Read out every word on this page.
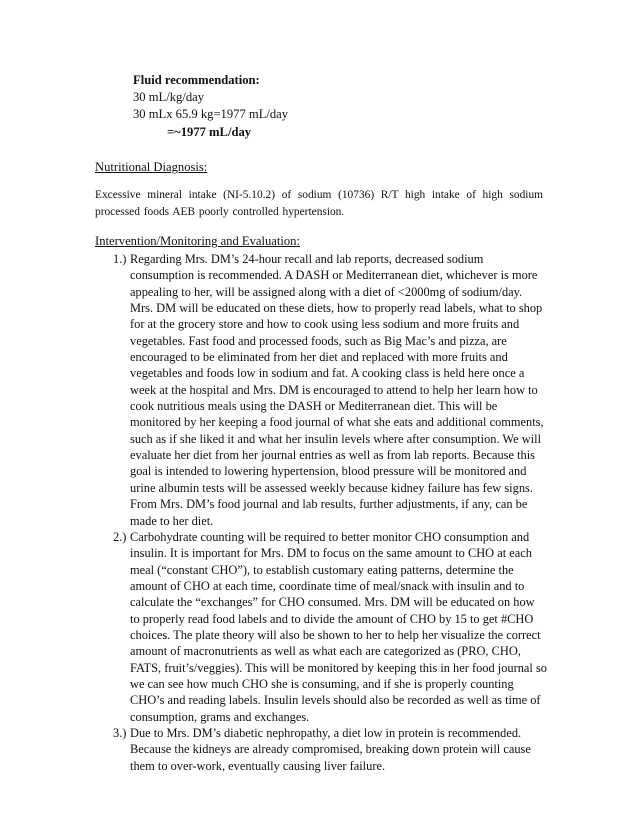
Fluid recommendation:
30 mL/kg/day
30 mLx 65.9 kg=1977 mL/day
=~1977 mL/day
Nutritional Diagnosis:
Excessive mineral intake (NI-5.10.2) of sodium (10736) R/T high intake of high sodium processed foods AEB poorly controlled hypertension.
Intervention/Monitoring and Evaluation:
1.) Regarding Mrs. DM’s 24-hour recall and lab reports, decreased sodium consumption is recommended. A DASH or Mediterranean diet, whichever is more appealing to her, will be assigned along with a diet of <2000mg of sodium/day. Mrs. DM will be educated on these diets, how to properly read labels, what to shop for at the grocery store and how to cook using less sodium and more fruits and vegetables. Fast food and processed foods, such as Big Mac’s and pizza, are encouraged to be eliminated from her diet and replaced with more fruits and vegetables and foods low in sodium and fat. A cooking class is held here once a week at the hospital and Mrs. DM is encouraged to attend to help her learn how to cook nutritious meals using the DASH or Mediterranean diet. This will be monitored by her keeping a food journal of what she eats and additional comments, such as if she liked it and what her insulin levels where after consumption. We will evaluate her diet from her journal entries as well as from lab reports. Because this goal is intended to lowering hypertension, blood pressure will be monitored and urine albumin tests will be assessed weekly because kidney failure has few signs. From Mrs. DM’s food journal and lab results, further adjustments, if any, can be made to her diet.
2.) Carbohydrate counting will be required to better monitor CHO consumption and insulin. It is important for Mrs. DM to focus on the same amount to CHO at each meal (“constant CHO”), to establish customary eating patterns, determine the amount of CHO at each time, coordinate time of meal/snack with insulin and to calculate the “exchanges” for CHO consumed. Mrs. DM will be educated on how to properly read food labels and to divide the amount of CHO by 15 to get #CHO choices. The plate theory will also be shown to her to help her visualize the correct amount of macronutrients as well as what each are categorized as (PRO, CHO, FATS, fruit’s/veggies). This will be monitored by keeping this in her food journal so we can see how much CHO she is consuming, and if she is properly counting CHO’s and reading labels. Insulin levels should also be recorded as well as time of consumption, grams and exchanges.
3.) Due to Mrs. DM’s diabetic nephropathy, a diet low in protein is recommended. Because the kidneys are already compromised, breaking down protein will cause them to over-work, eventually causing liver failure.
